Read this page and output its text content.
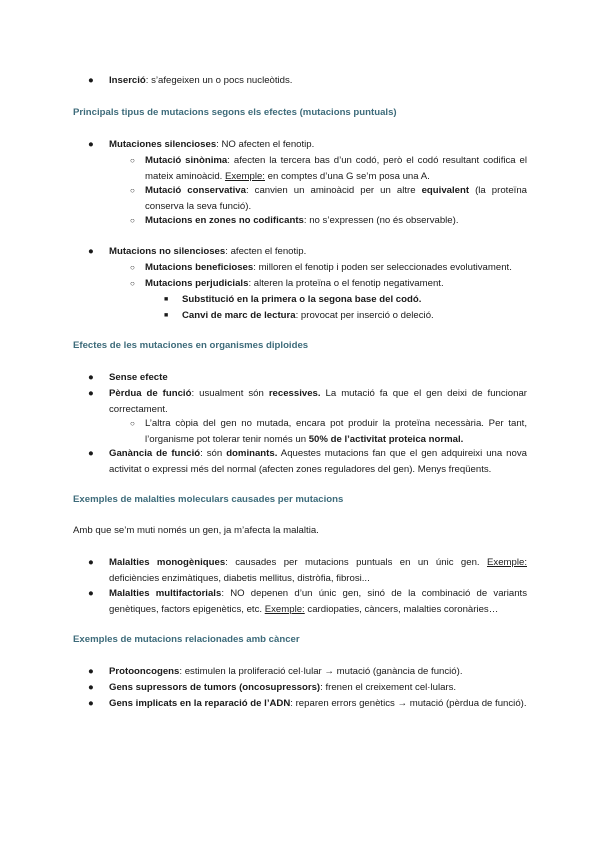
● Inserció: s’afegeixen un o pocs nucleòtids.
Principals tipus de mutacions segons els efectes (mutacions puntuals)
● Mutaciones silencioses: NO afecten el fenotip.
○ Mutació sinònima: afecten la tercera bas d’un codó, però el codó resultant codifica el mateix aminoàcid. Exemple: en comptes d’una G se’m posa una A.
○ Mutació conservativa: canvien un aminoàcid per un altre equivalent (la proteïna conserva la seva funció).
○ Mutacions en zones no codificants: no s’expressen (no és observable).
● Mutacions no silencioses: afecten el fenotip.
○ Mutacions beneficioses: milloren el fenotip i poden ser seleccionades evolutivament.
○ Mutacions perjudicials: alteren la proteïna o el fenotip negativament.
■ Substitució en la primera o la segona base del codó.
■ Canvi de marc de lectura: provocat per inserció o deleció.
Efectes de les mutaciones en organismes diploides
● Sense efecte
● Pèrdua de funció: usualment són recessives. La mutació fa que el gen deixi de funcionar correctament.
○ L’altra còpia del gen no mutada, encara pot produir la proteïna necessària. Per tant, l’organisme pot tolerar tenir només un 50% de l’activitat proteica normal.
● Ganància de funció: són dominants. Aquestes mutacions fan que el gen adquireixi una nova activitat o expressi més del normal (afecten zones reguladores del gen). Menys freqüents.
Exemples de malalties moleculars causades per mutacions
Amb que se’m muti només un gen, ja m’afecta la malaltia.
● Malalties monogèniques: causades per mutacions puntuals en un únic gen. Exemple: deficiències enzimàtiques, diabetis mellitus, distròfia, fibrosi...
● Malalties multifactorials: NO depenen d’un únic gen, sinó de la combinació de variants genètiques, factors epigenètics, etc. Exemple: cardiopaties, càncers, malalties coronàries…
Exemples de mutacions relacionades amb càncer
● Protooncogens: estimulen la proliferació cel·lular → mutació (ganància de funció).
● Gens supressors de tumors (oncosupressors): frenen el creixement cel·lulars.
● Gens implicats en la reparació de l’ADN: reparen errors genètics → mutació (pèrdua de funció).
